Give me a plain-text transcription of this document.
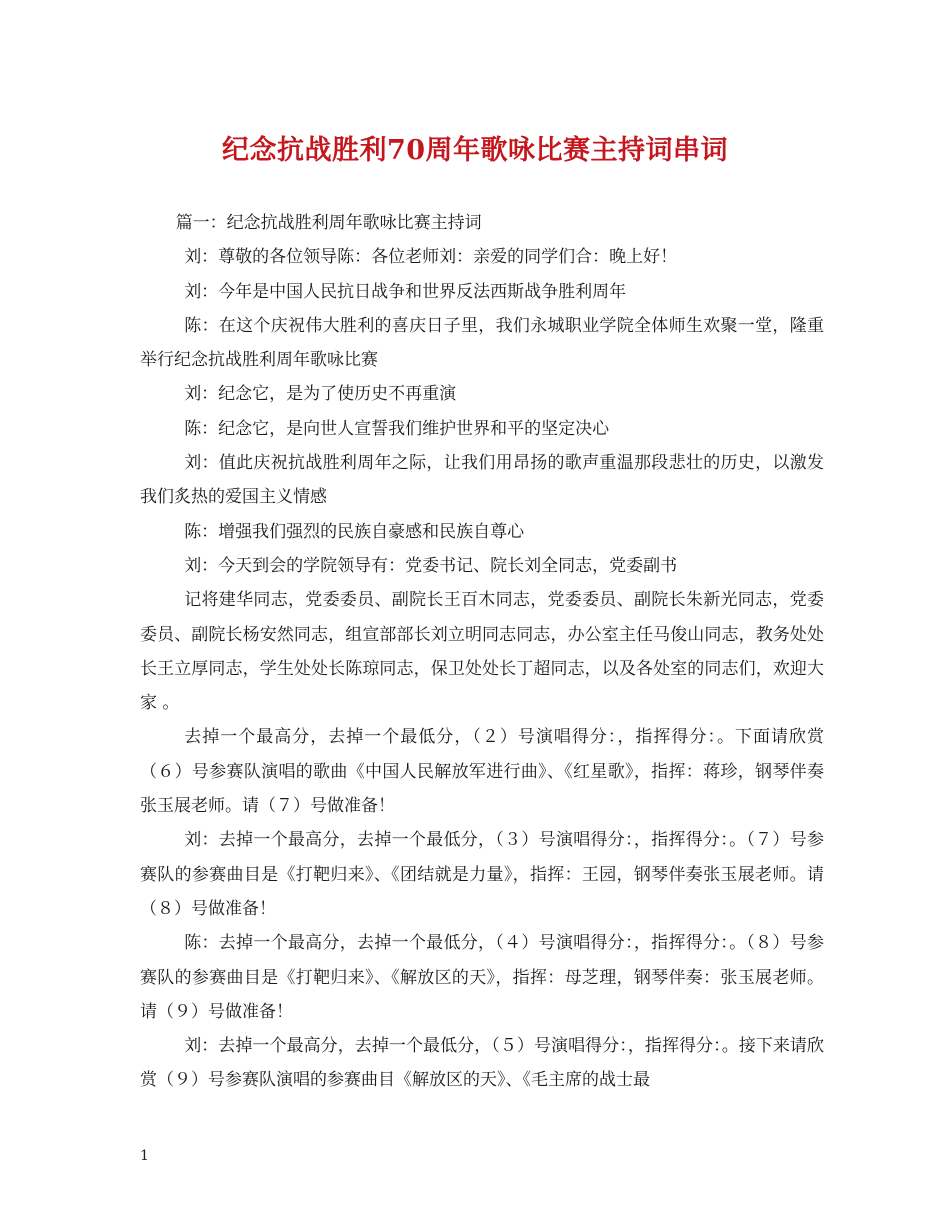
纪念抗战胜利70周年歌咏比赛主持词串词

篇一：纪念抗战胜利周年歌咏比赛主持词

刘：尊敬的各位领导陈：各位老师刘：亲爱的同学们合：晚上好！

刘：今年是中国人民抗日战争和世界反法西斯战争胜利周年

陈：在这个庆祝伟大胜利的喜庆日子里，我们永城职业学院全体师生欢聚一堂，隆重举行纪念抗战胜利周年歌咏比赛

刘：纪念它，是为了使历史不再重演

陈：纪念它，是向世人宣誓我们维护世界和平的坚定决心

刘：值此庆祝抗战胜利周年之际，让我们用昂扬的歌声重温那段悲壮的历史，以激发我们炙热的爱国主义情感

陈：增强我们强烈的民族自豪感和民族自尊心

刘：今天到会的学院领导有：党委书记、院长刘全同志，党委副书

记将建华同志，党委委员、副院长王百木同志，党委委员、副院长朱新光同志，党委委员、副院长杨安然同志，组宣部部长刘立明同志同志，办公室主任马俊山同志，教务处处长王立厚同志，学生处处长陈琼同志，保卫处处长丁超同志，以及各处室的同志们，欢迎大家 。

去掉一个最高分，去掉一个最低分，（２）号演唱得分：，指挥得分：。下面请欣赏（６）号参赛队演唱的歌曲《中国人民解放军进行曲》、《红星歌》，指挥：蒋珍，钢琴伴奏张玉展老师。请（７）号做准备！

刘：去掉一个最高分，去掉一个最低分，（３）号演唱得分：，指挥得分：。（７）号参赛队的参赛曲目是《打靶归来》、《团结就是力量》，指挥：王园，钢琴伴奏张玉展老师。请（８）号做准备！

陈：去掉一个最高分，去掉一个最低分，（４）号演唱得分：，指挥得分：。（８）号参赛队的参赛曲目是《打靶归来》、《解放区的天》，指挥：母芝理，钢琴伴奏：张玉展老师。请（９）号做准备！

刘：去掉一个最高分，去掉一个最低分，（５）号演唱得分：，指挥得分：。接下来请欣赏（９）号参赛队演唱的参赛曲目《解放区的天》、《毛主席的战士最

1
